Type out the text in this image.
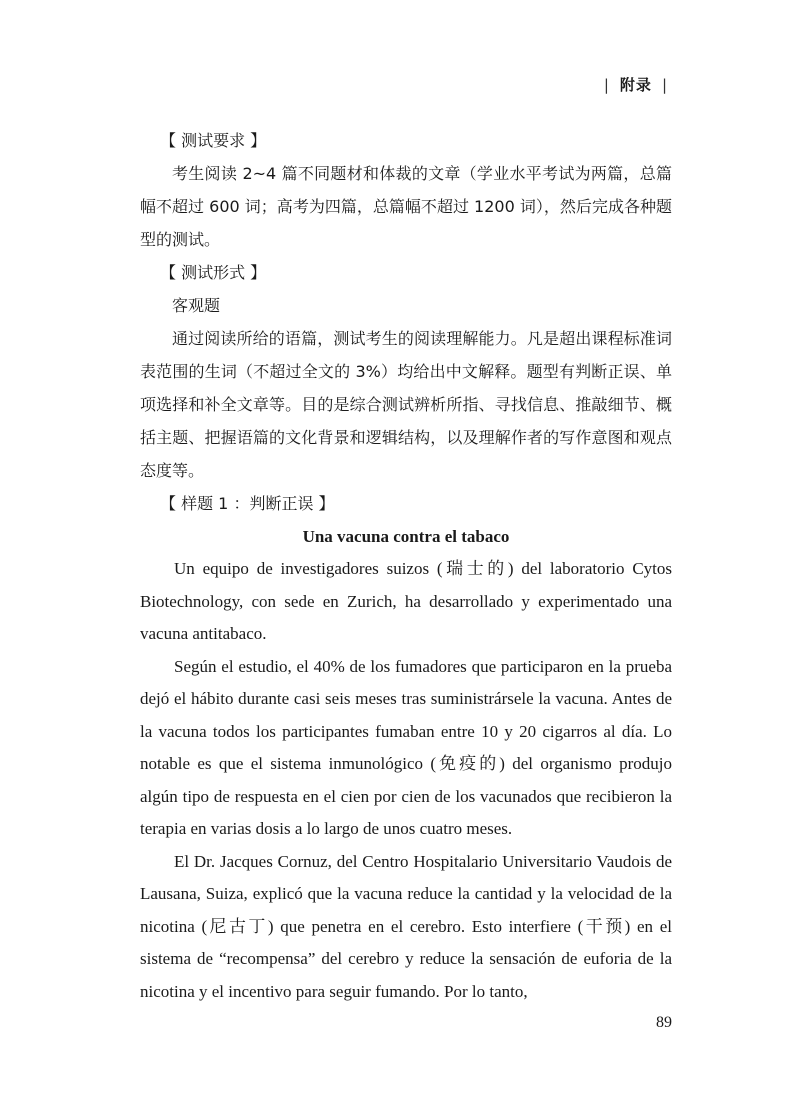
| 附录 |

【 测试要求 】

考生阅读 2~4 篇不同题材和体裁的文章（学业水平考试为两篇，总篇幅不超过 600 词；高考为四篇，总篇幅不超过 1200 词），然后完成各种题型的测试。

【 测试形式 】

客观题

通过阅读所给的语篇，测试考生的阅读理解能力。凡是超出课程标准词表范围的生词（不超过全文的 3%）均给出中文解释。题型有判断正误、单项选择和补全文章等。目的是综合测试辨析所指、寻找信息、推敲细节、概括主题、把握语篇的文化背景和逻辑结构，以及理解作者的写作意图和观点态度等。

【 样题 1 ：判断正误 】

Una vacuna contra el tabaco

Un equipo de investigadores suizos (瑞士的) del laboratorio Cytos Biotechnology, con sede en Zurich, ha desarrollado y experimentado una vacuna antitabaco.

Según el estudio, el 40% de los fumadores que participaron en la prueba dejó el hábito durante casi seis meses tras suministrársele la vacuna. Antes de la vacuna todos los participantes fumaban entre 10 y 20 cigarros al día. Lo notable es que el sistema inmunológico (免疫的) del organismo produjo algún tipo de respuesta en el cien por cien de los vacunados que recibieron la terapia en varias dosis a lo largo de unos cuatro meses.

El Dr. Jacques Cornuz, del Centro Hospitalario Universitario Vaudois de Lausana, Suiza, explicó que la vacuna reduce la cantidad y la velocidad de la nicotina (尼古丁) que penetra en el cerebro. Esto interfiere (干预) en el sistema de “recompensa” del cerebro y reduce la sensación de euforia de la nicotina y el incentivo para seguir fumando. Por lo tanto,

89
